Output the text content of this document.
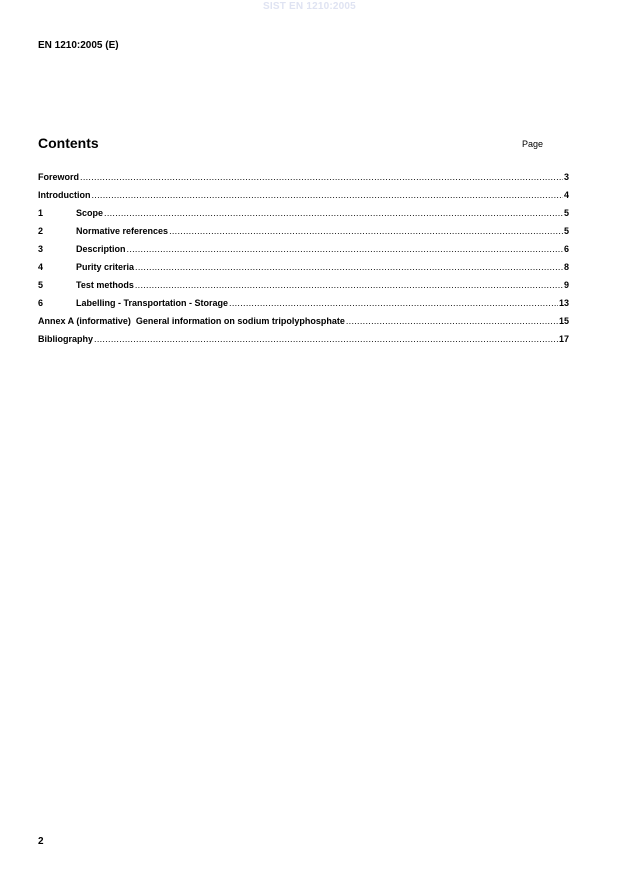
SIST EN 1210:2005
EN 1210:2005 (E)
Contents	Page
Foreword .....	3
Introduction .....	4
1	Scope .....	5
2	Normative references .....	5
3	Description .....	6
4	Purity criteria .....	8
5	Test methods .....	9
6	Labelling - Transportation - Storage .....	13
Annex A (informative)  General information on sodium tripolyphosphate .....	15
Bibliography .....	17
2
